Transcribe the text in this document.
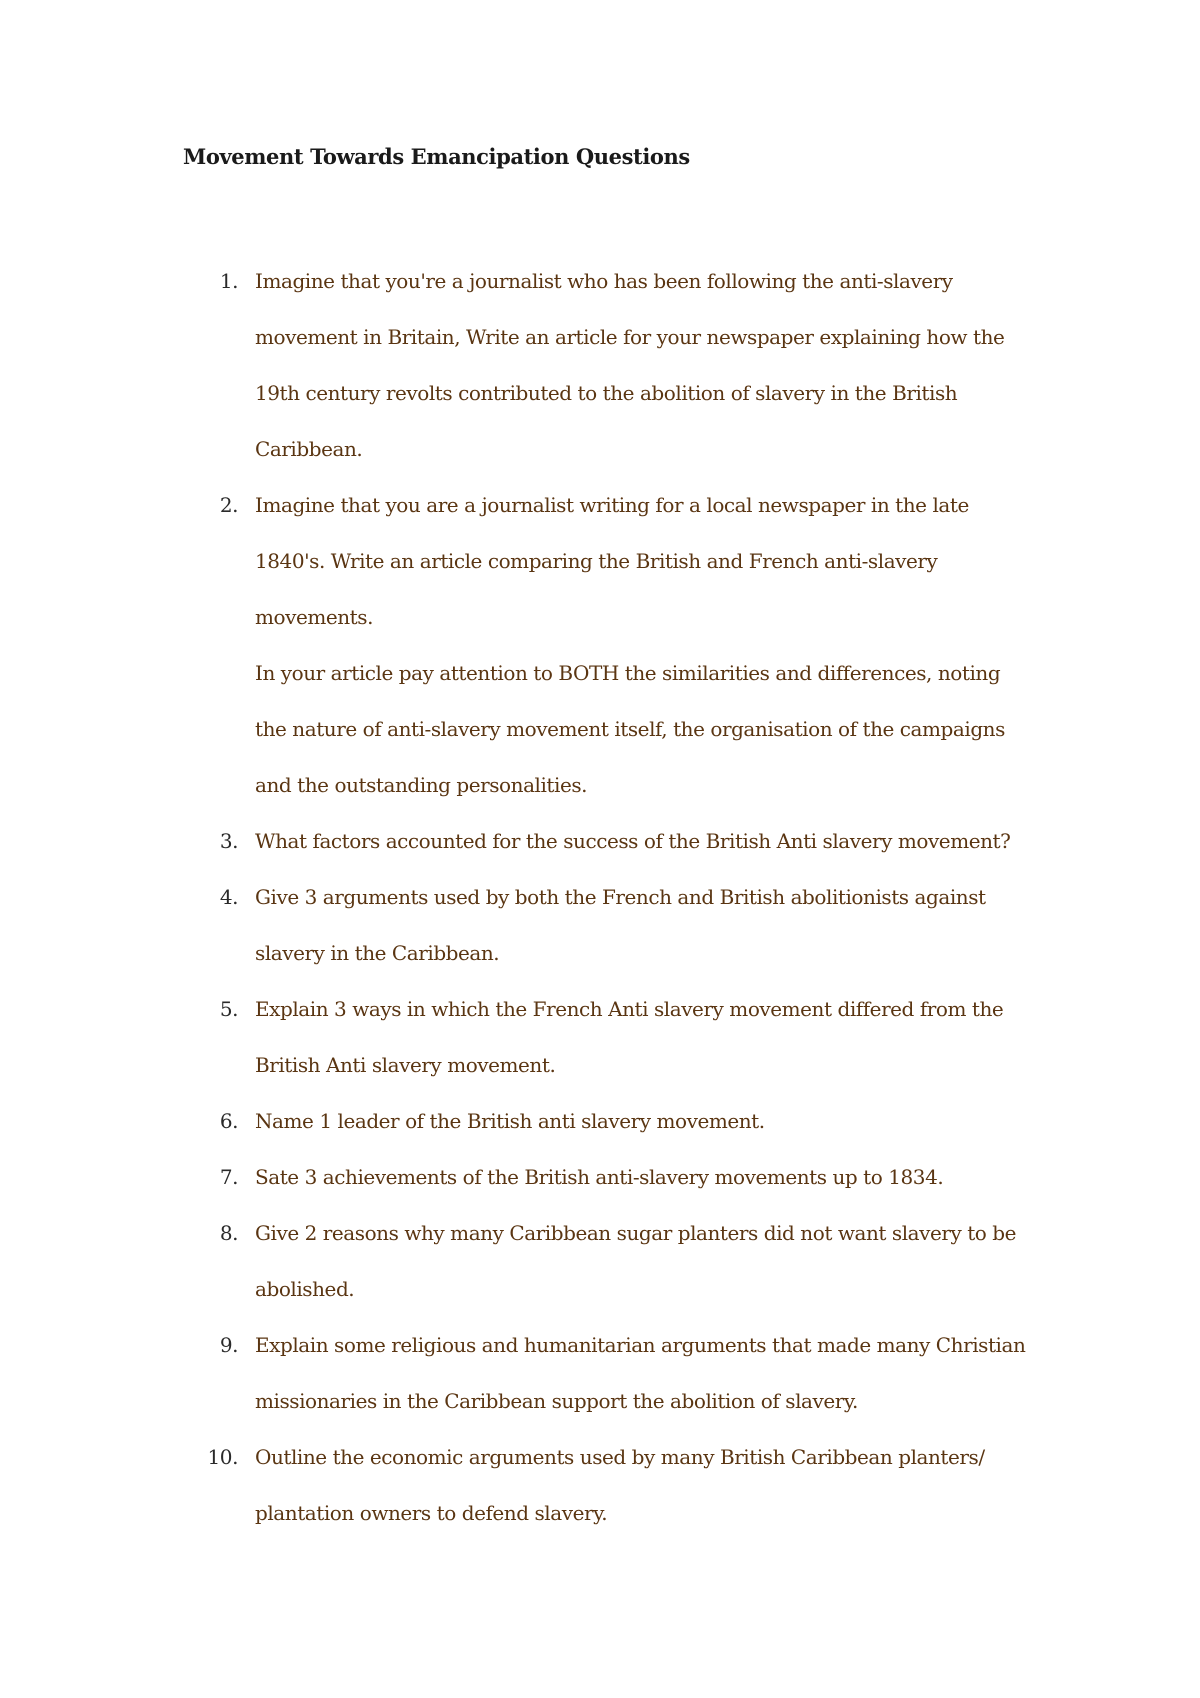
Movement Towards Emancipation Questions
1. Imagine that you're a journalist who has been following the anti-slavery
movement in Britain, Write an article for your newspaper explaining how the
19th century revolts contributed to the abolition of slavery in the British
Caribbean.
2. Imagine that you are a journalist writing for a local newspaper in the late
1840's. Write an article comparing the British and French anti-slavery
movements.
In your article pay attention to BOTH the similarities and differences, noting
the nature of anti-slavery movement itself, the organisation of the campaigns
and the outstanding personalities.
3. What factors accounted for the success of the British Anti slavery movement?
4. Give 3 arguments used by both the French and British abolitionists against
slavery in the Caribbean.
5. Explain 3 ways in which the French Anti slavery movement differed from the
British Anti slavery movement.
6. Name 1 leader of the British anti slavery movement.
7. Sate 3 achievements of the British anti-slavery movements up to 1834.
8. Give 2 reasons why many Caribbean sugar planters did not want slavery to be
abolished.
9. Explain some religious and humanitarian arguments that made many Christian
missionaries in the Caribbean support the abolition of slavery.
10. Outline the economic arguments used by many British Caribbean planters/
plantation owners to defend slavery.
